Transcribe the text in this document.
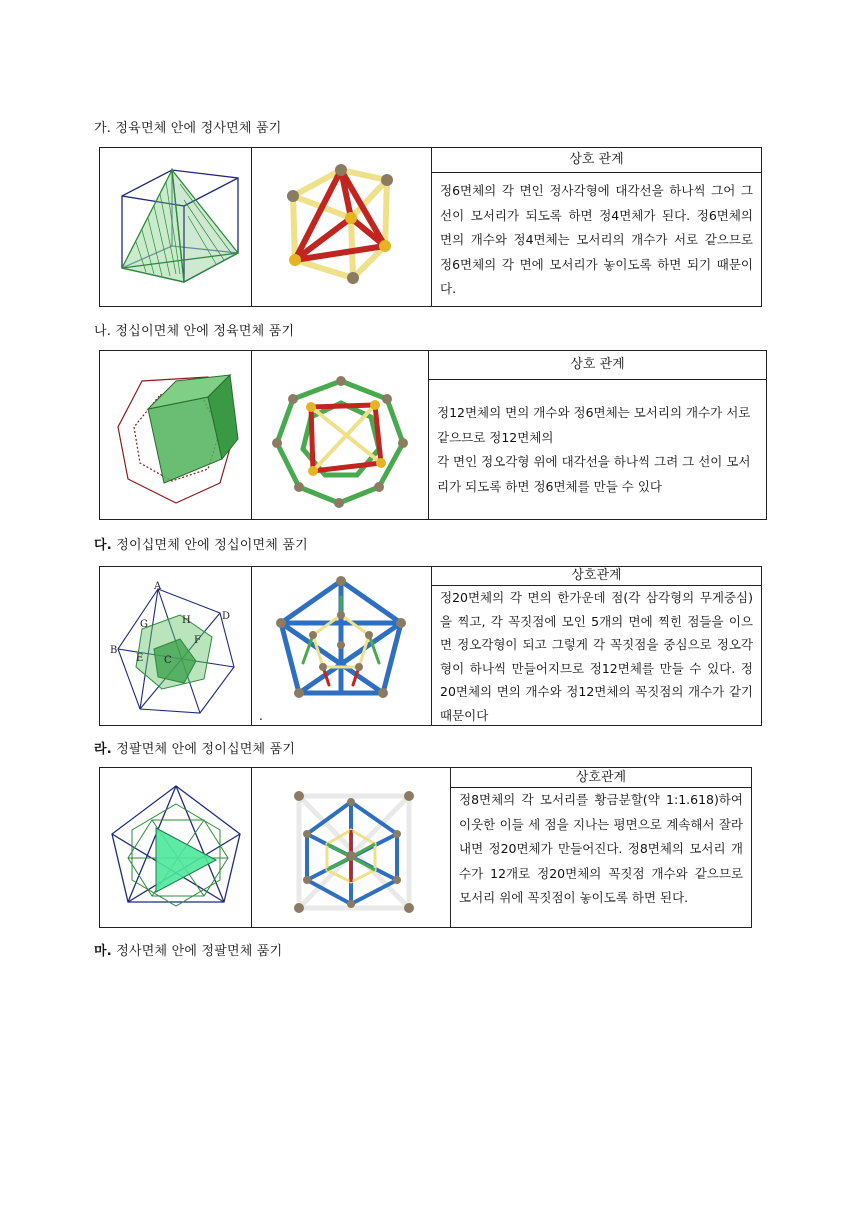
가. 정육면체 안에 정사면체 품기
상호 관계
정6면체의 각 면인 정사각형에 대각선을 하나씩 그어 그 선이 모서리가 되도록 하면 정4면체가 된다. 정6면체의 면의 개수와 정4면체는 모서리의 개수가 서로 같으므로 정6면체의 각 면에 모서리가 놓이도록 하면 되기 때문이다.
나. 정십이면체 안에 정육면체 품기
상호 관계
정12면체의 면의 개수와 정6면체는 모서리의 개수가 서로 같으므로 정12면체의
각 면인 정오각형 위에 대각선을 하나씩 그려 그 선이 모서리가 되도록 하면 정6면체를 만들 수 있다
다. 정이십면체 안에 정십이면체 품기
A
B
C
D
E
F
G	H
.
상호관계
정20면체의 각 면의 한가운데 점(각 삼각형의 무게중심)을 찍고, 각 꼭짓점에 모인 5개의 면에 찍힌 점들을 이으면 정오각형이 되고 그렇게 각 꼭짓점을 중심으로 정오각형이 하나씩 만들어지므로 정12면체를 만들 수 있다. 정20면체의 면의 개수와 정12면체의 꼭짓점의 개수가 같기 때문이다
라. 정팔면체 안에 정이십면체 품기
상호관계
정8면체의 각 모서리를 황금분할(약 1:1.618)하여 이웃한 이들 세 점을 지나는 평면으로 계속해서 잘라내면 정20면체가 만들어진다. 정8면체의 모서리 개수가 12개로 정20면체의 꼭짓점 개수와 같으므로 모서리 위에 꼭짓점이 놓이도록 하면 된다.
마. 정사면체 안에 정팔면체 품기
